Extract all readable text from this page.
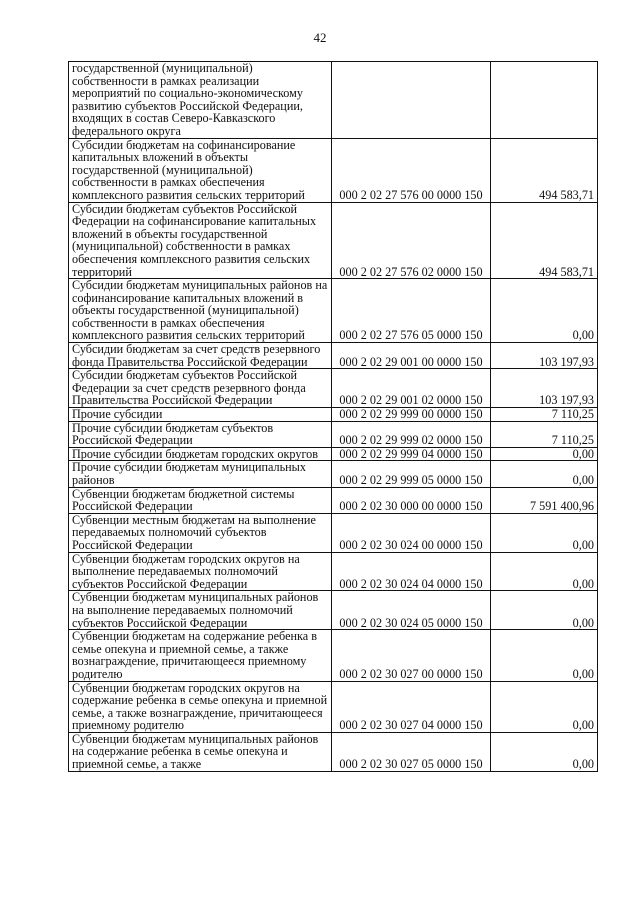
42
государственной (муниципальной) собственности в рамках реализации мероприятий по социально-экономическому развитию субъектов Российской Федерации, входящих в состав Северо-Кавказского федерального округа		
Субсидии бюджетам на софинансирование капитальных вложений в объекты государственной (муниципальной) собственности в рамках обеспечения комплексного развития сельских территорий	000 2 02 27 576 00 0000 150	494 583,71
Субсидии бюджетам субъектов Российской Федерации на софинансирование капитальных вложений в объекты государственной (муниципальной) собственности в рамках обеспечения комплексного развития сельских территорий	000 2 02 27 576 02 0000 150	494 583,71
Субсидии бюджетам муниципальных районов на софинансирование капитальных вложений в объекты государственной (муниципальной) собственности в рамках обеспечения комплексного развития сельских территорий	000 2 02 27 576 05 0000 150	0,00
Субсидии бюджетам за счет средств резервного фонда Правительства Российской Федерации	000 2 02 29 001 00 0000 150	103 197,93
Субсидии бюджетам субъектов Российской Федерации за счет средств резервного фонда Правительства Российской Федерации	000 2 02 29 001 02 0000 150	103 197,93
Прочие субсидии	000 2 02 29 999 00 0000 150	7 110,25
Прочие субсидии бюджетам субъектов Российской Федерации	000 2 02 29 999 02 0000 150	7 110,25
Прочие субсидии бюджетам городских округов	000 2 02 29 999 04 0000 150	0,00
Прочие субсидии бюджетам муниципальных районов	000 2 02 29 999 05 0000 150	0,00
Субвенции бюджетам бюджетной системы Российской Федерации	000 2 02 30 000 00 0000 150	7 591 400,96
Субвенции местным бюджетам на выполнение передаваемых полномочий субъектов Российской Федерации	000 2 02 30 024 00 0000 150	0,00
Субвенции бюджетам городских округов на выполнение передаваемых полномочий субъектов Российской Федерации	000 2 02 30 024 04 0000 150	0,00
Субвенции бюджетам муниципальных районов на выполнение передаваемых полномочий субъектов Российской Федерации	000 2 02 30 024 05 0000 150	0,00
Субвенции бюджетам на содержание ребенка в семье опекуна и приемной семье, а также вознаграждение, причитающееся приемному родителю	000 2 02 30 027 00 0000 150	0,00
Субвенции бюджетам городских округов на содержание ребенка в семье опекуна и приемной семье, а также вознаграждение, причитающееся приемному родителю	000 2 02 30 027 04 0000 150	0,00
Субвенции бюджетам муниципальных районов на содержание ребенка в семье опекуна и приемной семье, а также	000 2 02 30 027 05 0000 150	0,00
